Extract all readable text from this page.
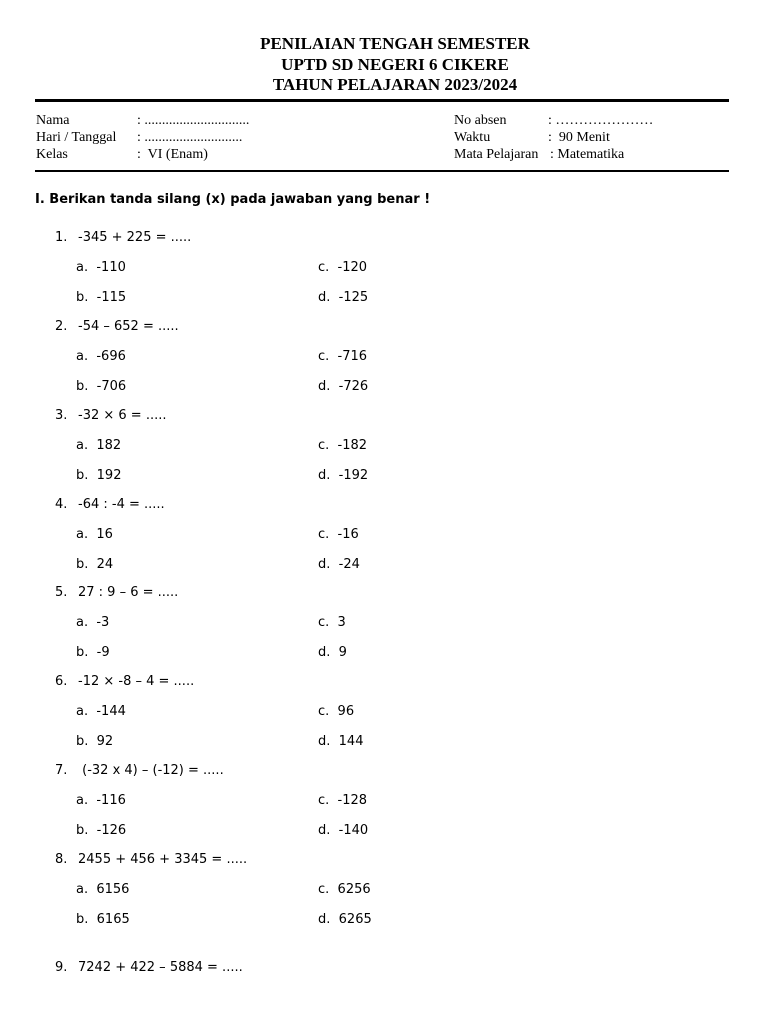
PENILAIAN TENGAH SEMESTER
UPTD SD NEGERI 6 CIKERE
TAHUN PELAJARAN 2023/2024
Nama	: ..............................
Hari / Tanggal : ............................
Kelas	:  VI (Enam)
No absen	: …………………
Waktu	:  90 Menit
Mata Pelajaran : Matematika
I. Berikan tanda silang (x) pada jawaban yang benar !
1. -345 + 225 = .....
a.  -110
b.  -115
c.  -120
d.  -125
2. -54 – 652 = .....
a.  -696
b.  -706
c.  -716
d.  -726
3. -32 × 6 = .....
a.  182
b.  192
c.  -182
d.  -192
4. -64 : -4 = .....
a.  16
b.  24
c.  -16
d.  -24
5. 27 : 9 – 6 = .....
a.  -3
b.  -9
c.  3
d.  9
6. -12 × -8 – 4 = .....
a.  -144
b.  92
c.  96
d.  144
7. (-32 x 4) – (-12) = .....
a.  -116
b.  -126
c.  -128
d.  -140
8. 2455 + 456 + 3345 = .....
a.  6156
b.  6165
c.  6256
d.  6265
9. 7242 + 422 – 5884 = .....
